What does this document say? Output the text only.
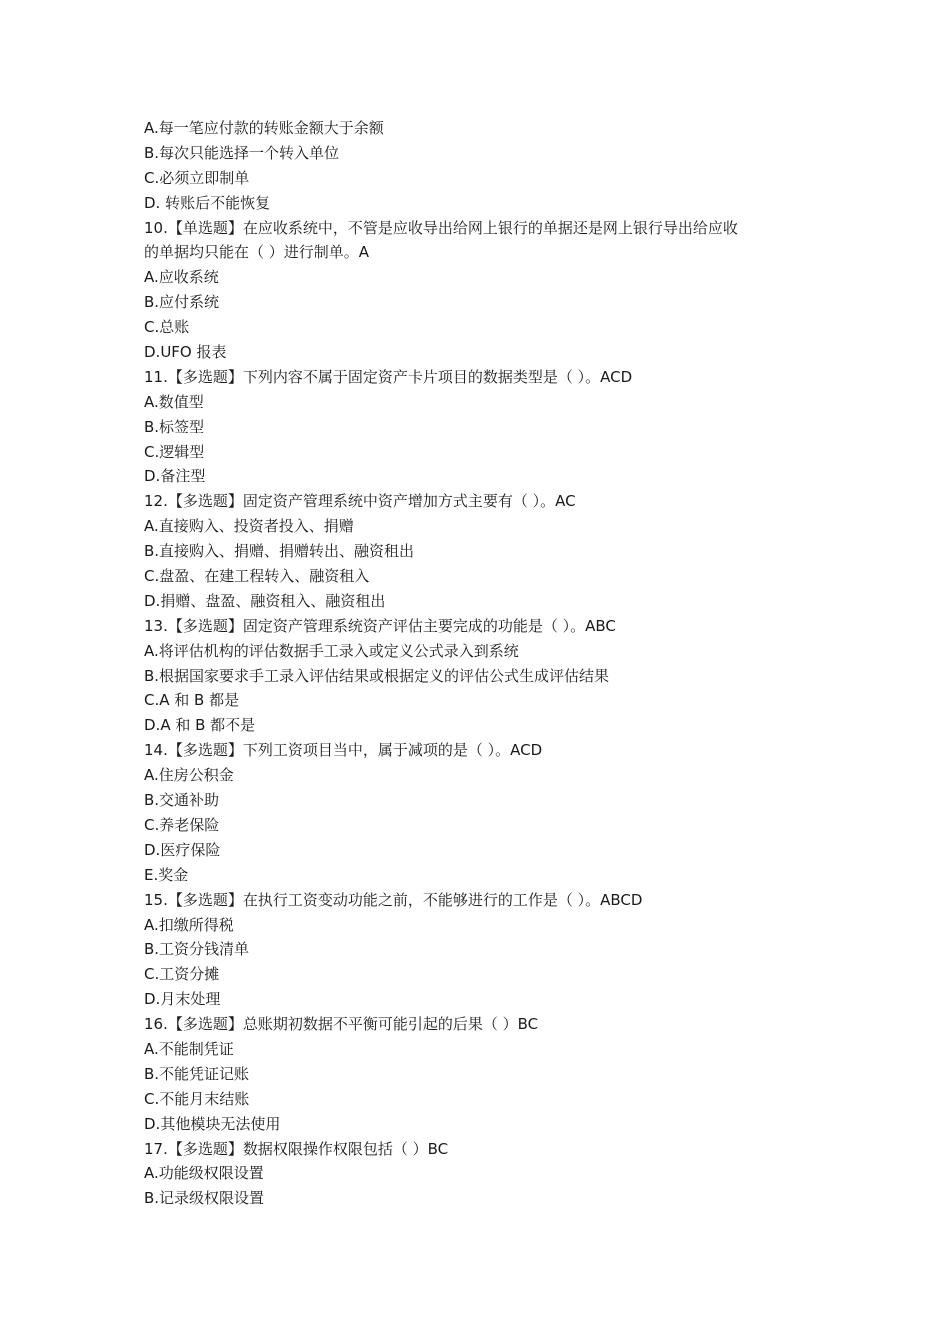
A.每一笔应付款的转账金额大于余额

B.每次只能选择一个转入单位

C.必须立即制单

D. 转账后不能恢复

10.【单选题】在应收系统中，不管是应收导出给网上银行的单据还是网上银行导出给应收

的单据均只能在（ ）进行制单。A

A.应收系统

B.应付系统

C.总账

D.UFO 报表

11.【多选题】下列内容不属于固定资产卡片项目的数据类型是（ ）。ACD

A.数值型

B.标签型

C.逻辑型

D.备注型

12.【多选题】固定资产管理系统中资产增加方式主要有（ ）。AC

A.直接购入、投资者投入、捐赠

B.直接购入、捐赠、捐赠转出、融资租出

C.盘盈、在建工程转入、融资租入

D.捐赠、盘盈、融资租入、融资租出

13.【多选题】固定资产管理系统资产评估主要完成的功能是（ ）。ABC

A.将评估机构的评估数据手工录入或定义公式录入到系统

B.根据国家要求手工录入评估结果或根据定义的评估公式生成评估结果

C.A 和 B 都是

D.A 和 B 都不是

14.【多选题】下列工资项目当中，属于减项的是（ ）。ACD

A.住房公积金

B.交通补助

C.养老保险

D.医疗保险

E.奖金

15.【多选题】在执行工资变动功能之前，不能够进行的工作是（ ）。ABCD

A.扣缴所得税

B.工资分钱清单

C.工资分摊

D.月末处理

16.【多选题】总账期初数据不平衡可能引起的后果（ ）BC

A.不能制凭证

B.不能凭证记账

C.不能月末结账

D.其他模块无法使用

17.【多选题】数据权限操作权限包括（ ）BC

A.功能级权限设置

B.记录级权限设置
